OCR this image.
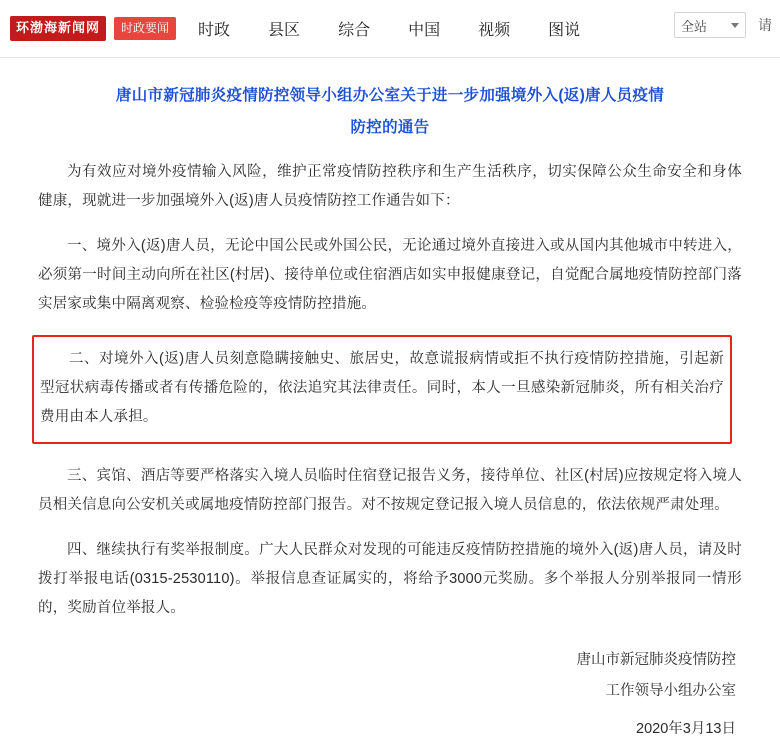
环渤海新闻网	时政要闻	时政 县区 综合 中国 视频 图说	全站	请
唐山市新冠肺炎疫情防控领导小组办公室关于进一步加强境外入(返)唐人员疫情
防控的通告

为有效应对境外疫情输入风险，维护正常疫情防控秩序和生产生活秩序，切实保障公众生命安全和身体健康，现就进一步加强境外入(返)唐人员疫情防控工作通告如下：

一、境外入(返)唐人员，无论中国公民或外国公民，无论通过境外直接进入或从国内其他城市中转进入，必须第一时间主动向所在社区(村居)、接待单位或住宿酒店如实申报健康登记，自觉配合属地疫情防控部门落实居家或集中隔离观察、检验检疫等疫情防控措施。

二、对境外入(返)唐人员刻意隐瞒接触史、旅居史，故意谎报病情或拒不执行疫情防控措施，引起新型冠状病毒传播或者有传播危险的，依法追究其法律责任。同时，本人一旦感染新冠肺炎，所有相关治疗费用由本人承担。

三、宾馆、酒店等要严格落实入境人员临时住宿登记报告义务，接待单位、社区(村居)应按规定将入境人员相关信息向公安机关或属地疫情防控部门报告。对不按规定登记报入境人员信息的，依法依规严肃处理。

四、继续执行有奖举报制度。广大人民群众对发现的可能违反疫情防控措施的境外入(返)唐人员，请及时拨打举报电话(0315-2530110)。举报信息查证属实的，将给予3000元奖励。多个举报人分别举报同一情形的，奖励首位举报人。

唐山市新冠肺炎疫情防控
工作领导小组办公室
2020年3月13日
